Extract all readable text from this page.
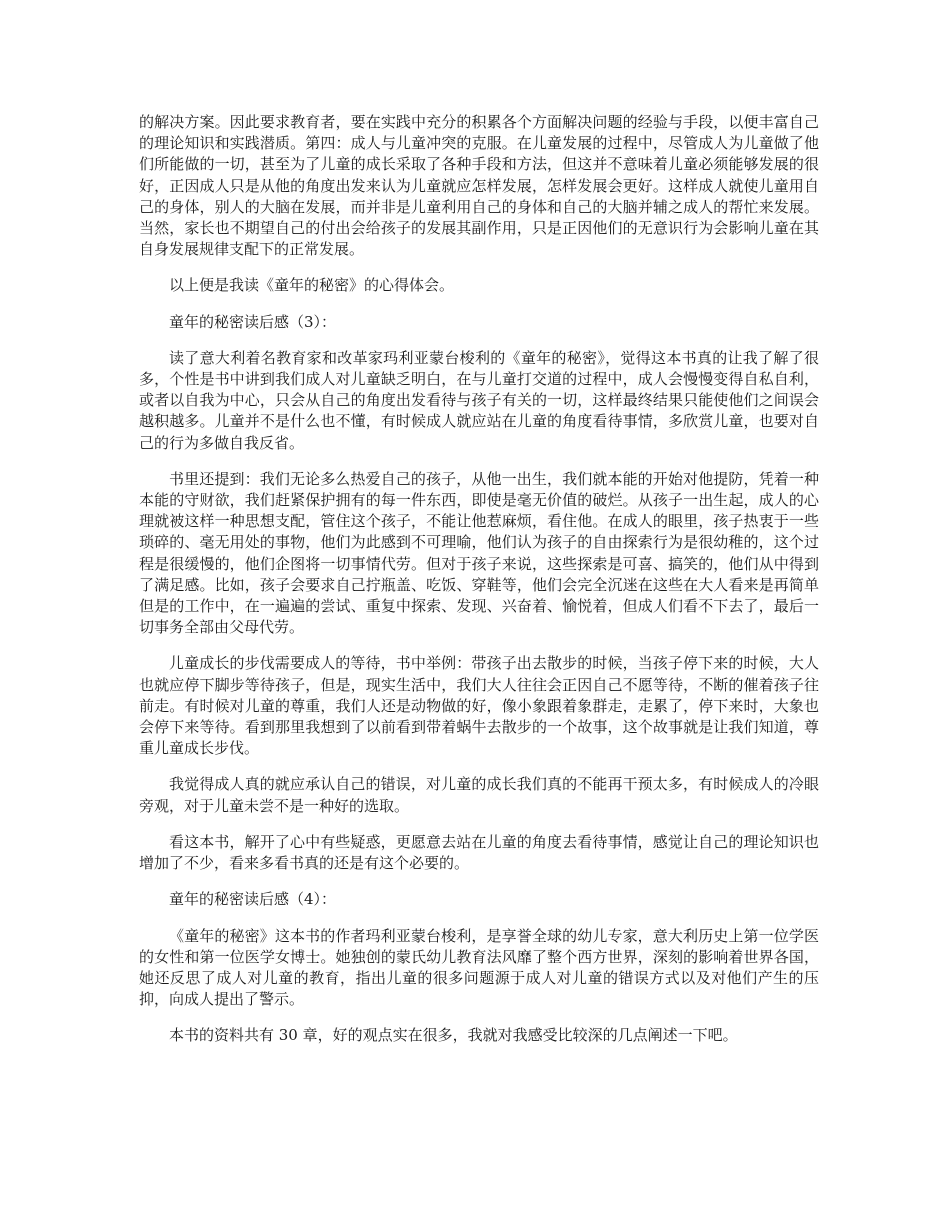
的解决方案。因此要求教育者，要在实践中充分的积累各个方面解决问题的经验与手段，以便丰富自己的理论知识和实践潜质。第四：成人与儿童冲突的克服。在儿童发展的过程中，尽管成人为儿童做了他们所能做的一切，甚至为了儿童的成长采取了各种手段和方法，但这并不意味着儿童必须能够发展的很好，正因成人只是从他的角度出发来认为儿童就应怎样发展，怎样发展会更好。这样成人就使儿童用自己的身体，别人的大脑在发展，而并非是儿童利用自己的身体和自己的大脑并辅之成人的帮忙来发展。当然，家长也不期望自己的付出会给孩子的发展其副作用，只是正因他们的无意识行为会影响儿童在其自身发展规律支配下的正常发展。

以上便是我读《童年的秘密》的心得体会。

童年的秘密读后感（3）：

读了意大利着名教育家和改革家玛利亚蒙台梭利的《童年的秘密》，觉得这本书真的让我了解了很多，个性是书中讲到我们成人对儿童缺乏明白，在与儿童打交道的过程中，成人会慢慢变得自私自利，或者以自我为中心，只会从自己的角度出发看待与孩子有关的一切，这样最终结果只能使他们之间误会越积越多。儿童并不是什么也不懂，有时候成人就应站在儿童的角度看待事情，多欣赏儿童，也要对自己的行为多做自我反省。

书里还提到：我们无论多么热爱自己的孩子，从他一出生，我们就本能的开始对他提防，凭着一种本能的守财欲，我们赶紧保护拥有的每一件东西，即使是毫无价值的破烂。从孩子一出生起，成人的心理就被这样一种思想支配，管住这个孩子，不能让他惹麻烦，看住他。在成人的眼里，孩子热衷于一些琐碎的、毫无用处的事物，他们为此感到不可理喻，他们认为孩子的自由探索行为是很幼稚的，这个过程是很缓慢的，他们企图将一切事情代劳。但对于孩子来说，这些探索是可喜、搞笑的，他们从中得到了满足感。比如，孩子会要求自己拧瓶盖、吃饭、穿鞋等，他们会完全沉迷在这些在大人看来是再简单但是的工作中，在一遍遍的尝试、重复中探索、发现、兴奋着、愉悦着，但成人们看不下去了，最后一切事务全部由父母代劳。

儿童成长的步伐需要成人的等待，书中举例：带孩子出去散步的时候，当孩子停下来的时候，大人也就应停下脚步等待孩子，但是，现实生活中，我们大人往往会正因自己不愿等待，不断的催着孩子往前走。有时候对儿童的尊重，我们人还是动物做的好，像小象跟着象群走，走累了，停下来时，大象也会停下来等待。看到那里我想到了以前看到带着蜗牛去散步的一个故事，这个故事就是让我们知道，尊重儿童成长步伐。

我觉得成人真的就应承认自己的错误，对儿童的成长我们真的不能再干预太多，有时候成人的冷眼旁观，对于儿童未尝不是一种好的选取。

看这本书，解开了心中有些疑惑，更愿意去站在儿童的角度去看待事情，感觉让自己的理论知识也增加了不少，看来多看书真的还是有这个必要的。

童年的秘密读后感（4）：

《童年的秘密》这本书的作者玛利亚蒙台梭利，是享誉全球的幼儿专家，意大利历史上第一位学医的女性和第一位医学女博士。她独创的蒙氏幼儿教育法风靡了整个西方世界，深刻的影响着世界各国，她还反思了成人对儿童的教育，指出儿童的很多问题源于成人对儿童的错误方式以及对他们产生的压抑，向成人提出了警示。

本书的资料共有 30 章，好的观点实在很多，我就对我感受比较深的几点阐述一下吧。
